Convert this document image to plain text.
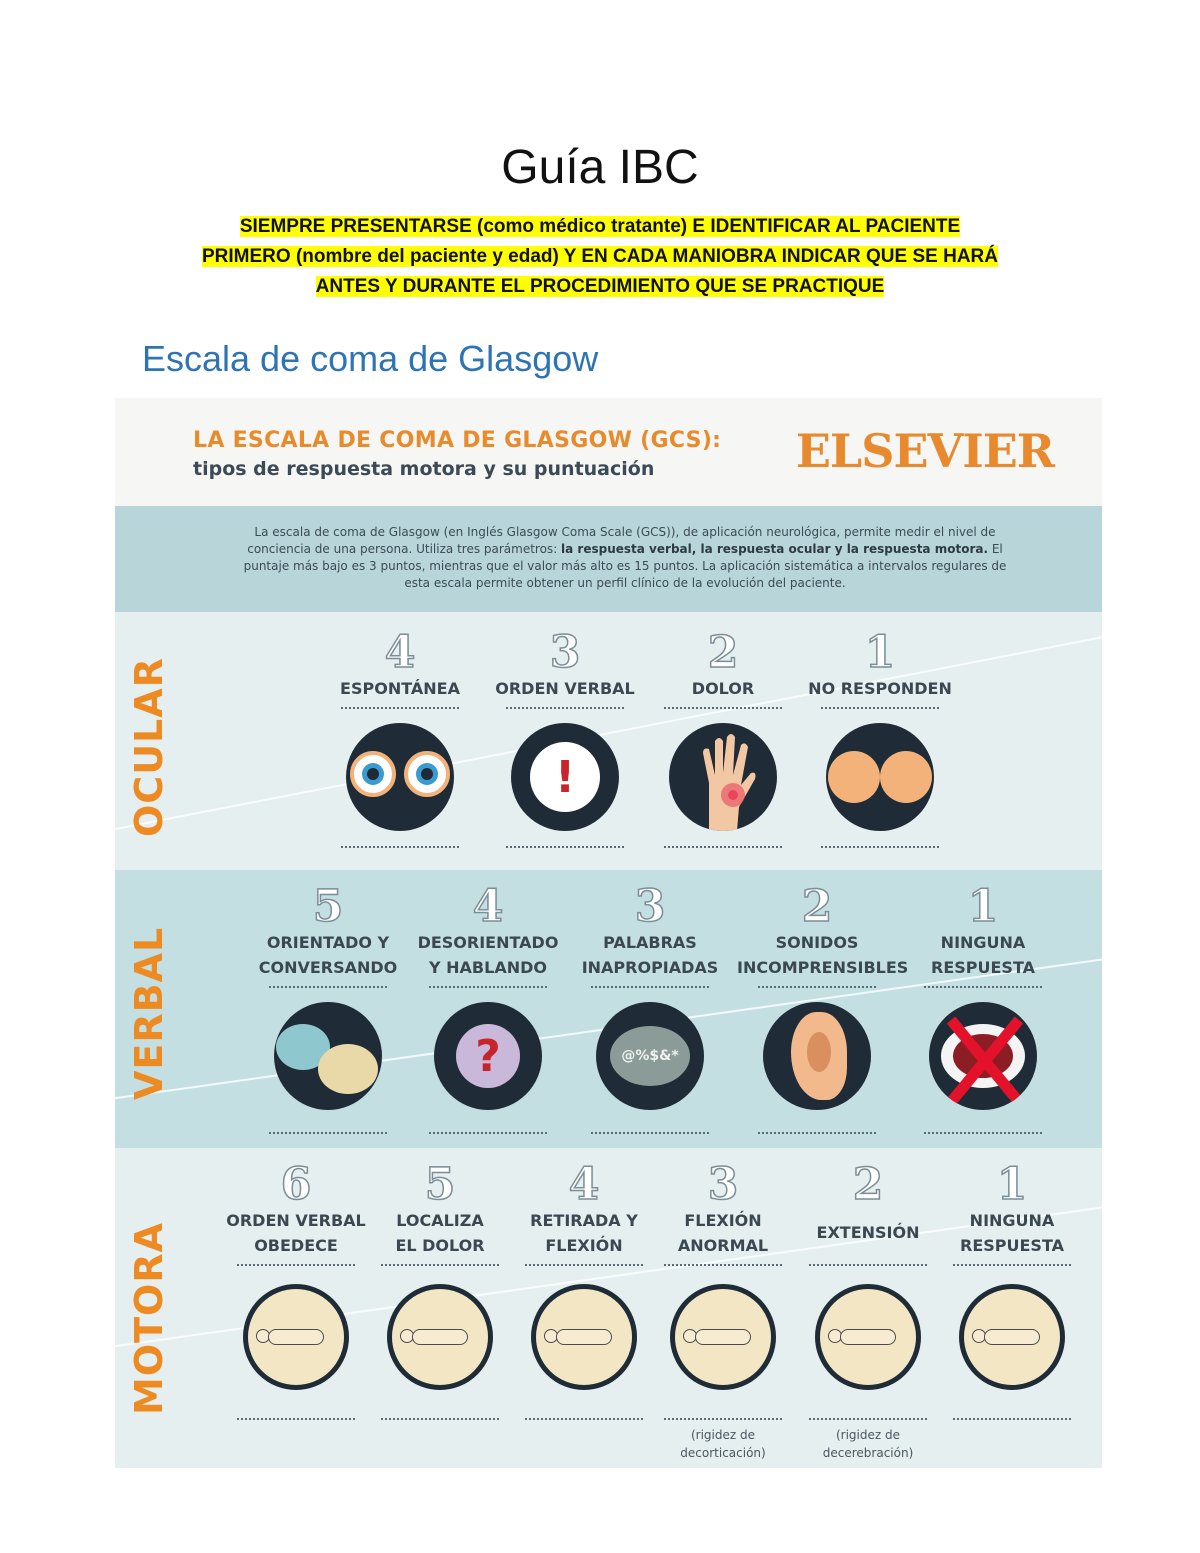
Guía IBC
SIEMPRE PRESENTARSE (como médico tratante) E IDENTIFICAR AL PACIENTE
PRIMERO (nombre del paciente y edad) Y EN CADA MANIOBRA INDICAR QUE SE HARÁ
ANTES Y DURANTE EL PROCEDIMIENTO QUE SE PRACTIQUE
Escala de coma de Glasgow
LA ESCALA DE COMA DE GLASGOW (GCS):
tipos de respuesta motora y su puntuación	ELSEVIER

La escala de coma de Glasgow (en Inglés Glasgow Coma Scale (GCS)), de aplicación neurológica, permite medir el nivel de conciencia de una persona. Utiliza tres parámetros: la respuesta verbal, la respuesta ocular y la respuesta motora. El puntaje más bajo es 3 puntos, mientras que el valor más alto es 15 puntos. La aplicación sistemática a intervalos regulares de esta escala permite obtener un perfil clínico de la evolución del paciente.

OCULAR
4
ESPONTÁNEA
3
ORDEN VERBAL
!
2
DOLOR
1
NO RESPONDEN
VERBAL
5
ORIENTADO Y
CONVERSANDO
4
DESORIENTADO
Y HABLANDO
?
3
PALABRAS
INAPROPIADAS
@%$&*
2
SONIDOS
INCOMPRENSIBLES
1
NINGUNA
RESPUESTA
MOTORA
6
ORDEN VERBAL
OBEDECE
5
LOCALIZA
EL DOLOR
4
RETIRADA Y
FLEXIÓN
3
FLEXIÓN
ANORMAL
2
EXTENSIÓN
1
NINGUNA
RESPUESTA
(rigidez de
decorticación)
(rigidez de
decerebración)
